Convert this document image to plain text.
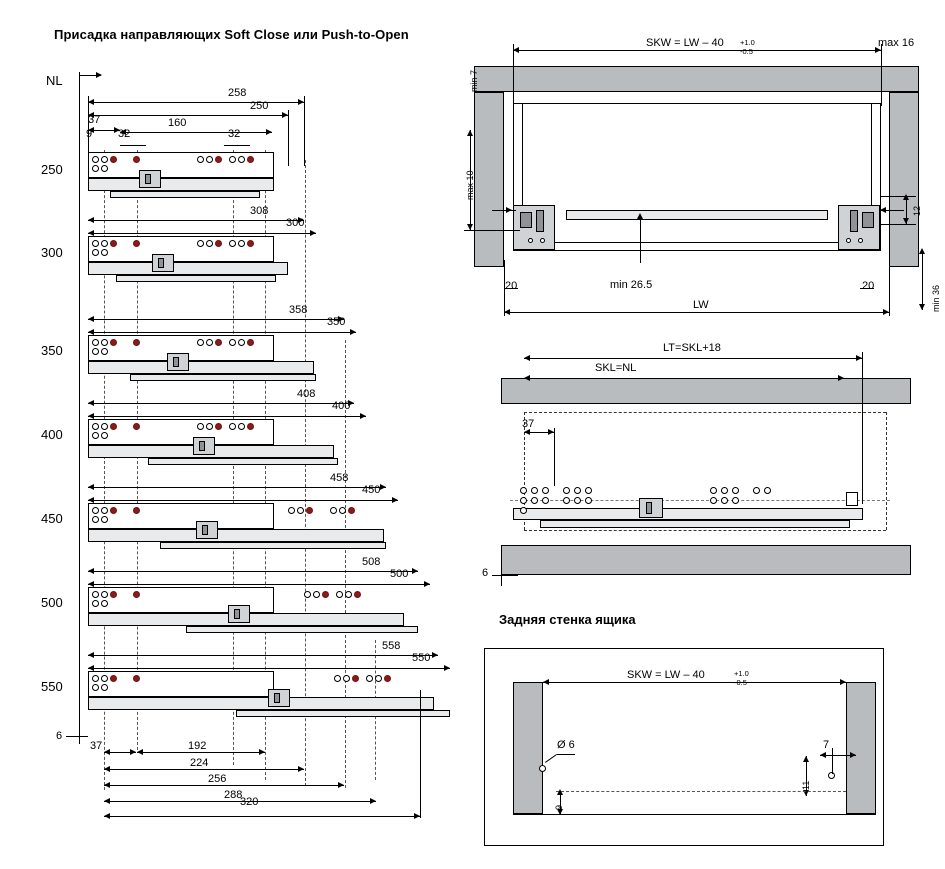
Присадка направляющих Soft Close или Push-to-Open
NL
250
300
350
400
450
500
550
6
258
250
37
9 32
160
32
308
300
358
350
408
400
458
450
508
500
558
550
37	192
224
256
288
320
SKW = LW – 40	+1.0
-0.5
min 7
max 16
max 10
12
min 26.5
20	20
LW	min 36
LT=SKL+18
SKL=NL
37
6
Задняя стенка ящика
SKW = LW – 40	+1.0
-0.5
Ø 6	7
11
9
